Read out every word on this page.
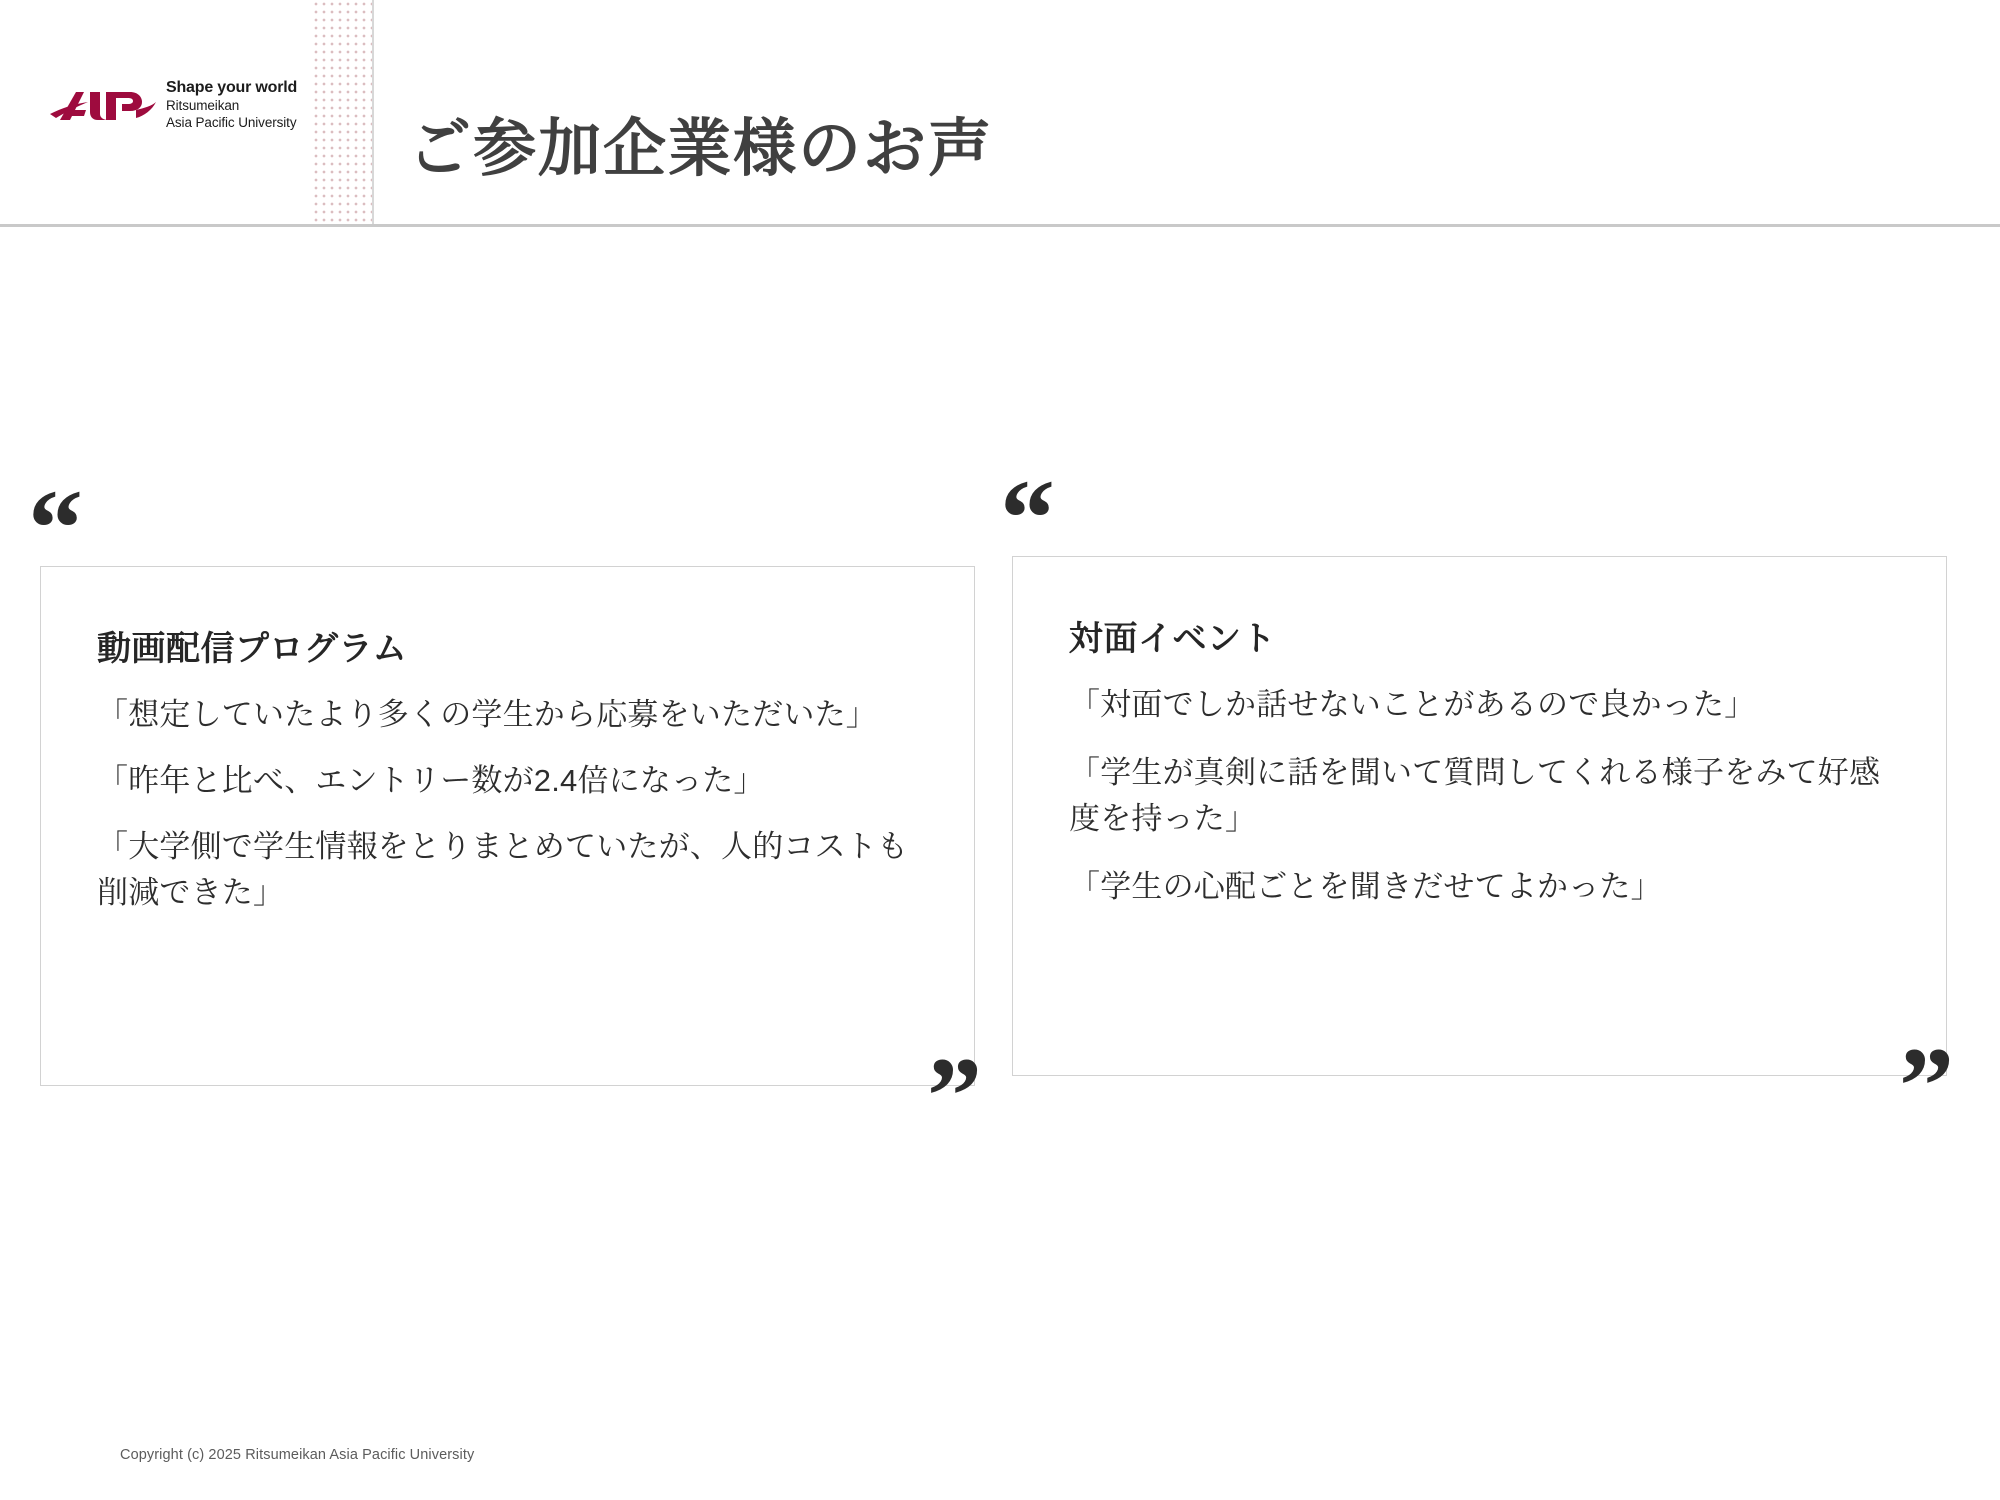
Shape your world
Ritsumeikan
Asia Pacific University ご参加企業様のお声
“
動画配信プログラム

「想定していたより多くの学生から応募をいただいた」

「昨年と比べ、エントリー数が2.4倍になった」

「大学側で学生情報をとりまとめていたが、人的コストも削減できた」

”
“
対面イベント

「対面でしか話せないことがあるので良かった」

「学生が真剣に話を聞いて質問してくれる様子をみて好感度を持った」

「学生の心配ごとを聞きだせてよかった」

”
Copyright (c) 2025 Ritsumeikan Asia Pacific University
